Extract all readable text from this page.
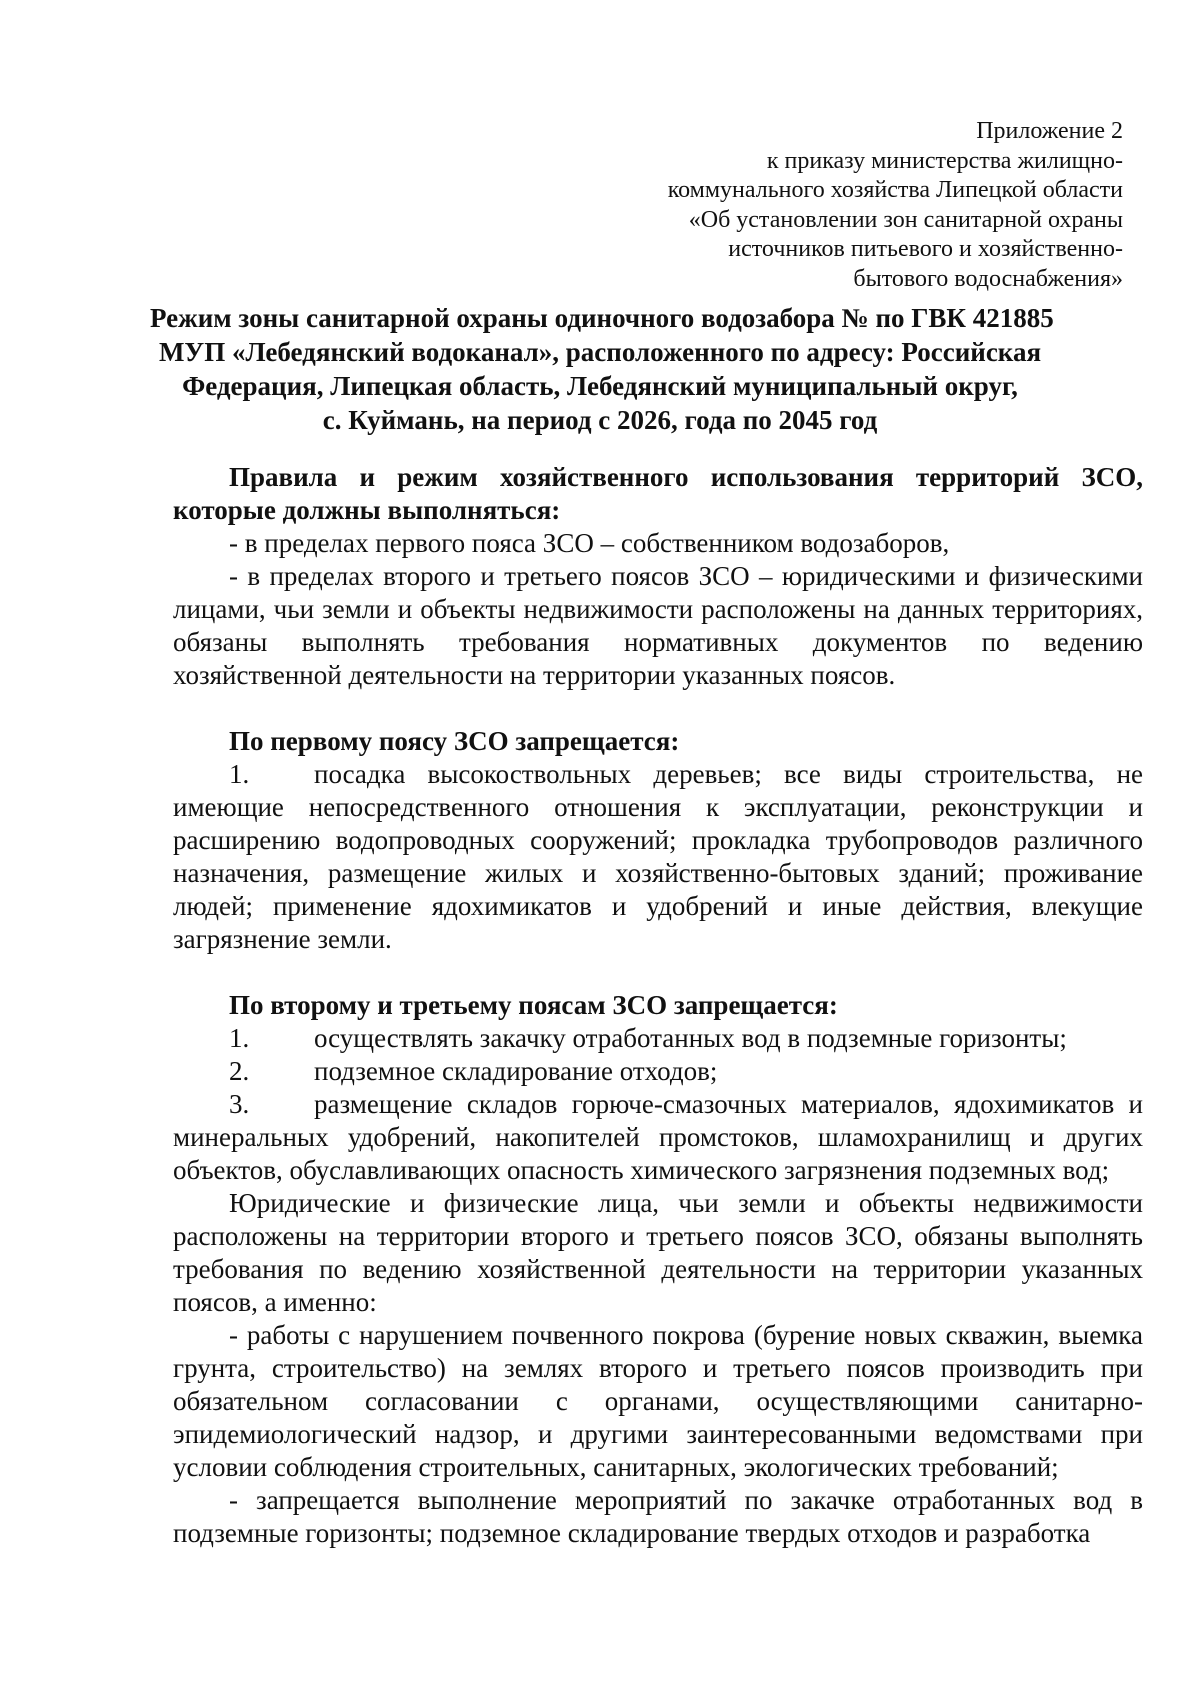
Приложение 2
к приказу министерства жилищно-
коммунального хозяйства Липецкой области
«Об установлении зон санитарной охраны
источников питьевого и хозяйственно-
бытового водоснабжения»
Режим зоны санитарной охраны одиночного водозабора № по ГВК 421885
МУП «Лебедянский водоканал», расположенного по адресу: Российская
Федерация, Липецкая область, Лебедянский муниципальный округ,
с. Куймань, на период с 2026, года по 2045 год
Правила и режим хозяйственного использования территорий ЗСО, которые должны выполняться:
- в пределах первого пояса ЗСО – собственником водозаборов,
- в пределах второго и третьего поясов ЗСО – юридическими и физическими лицами, чьи земли и объекты недвижимости расположены на данных территориях, обязаны выполнять требования нормативных документов по ведению хозяйственной деятельности на территории указанных поясов.
По первому поясу ЗСО запрещается:
1. посадка высокоствольных деревьев; все виды строительства, не имеющие непосредственного отношения к эксплуатации, реконструкции и расширению водопроводных сооружений; прокладка трубопроводов различного назначения, размещение жилых и хозяйственно-бытовых зданий; проживание людей; применение ядохимикатов и удобрений и иные действия, влекущие загрязнение земли.
По второму и третьему поясам ЗСО запрещается:
1. осуществлять закачку отработанных вод в подземные горизонты;
2. подземное складирование отходов;
3. размещение складов горюче-смазочных материалов, ядохимикатов и минеральных удобрений, накопителей промстоков, шламохранилищ и других объектов, обуславливающих опасность химического загрязнения подземных вод;
Юридические и физические лица, чьи земли и объекты недвижимости расположены на территории второго и третьего поясов ЗСО, обязаны выполнять требования по ведению хозяйственной деятельности на территории указанных поясов, а именно:
- работы с нарушением почвенного покрова (бурение новых скважин, выемка грунта, строительство) на землях второго и третьего поясов производить при обязательном согласовании с органами, осуществляющими санитарно-эпидемиологический надзор, и другими заинтересованными ведомствами при условии соблюдения строительных, санитарных, экологических требований;
- запрещается выполнение мероприятий по закачке отработанных вод в подземные горизонты; подземное складирование твердых отходов и разработка
